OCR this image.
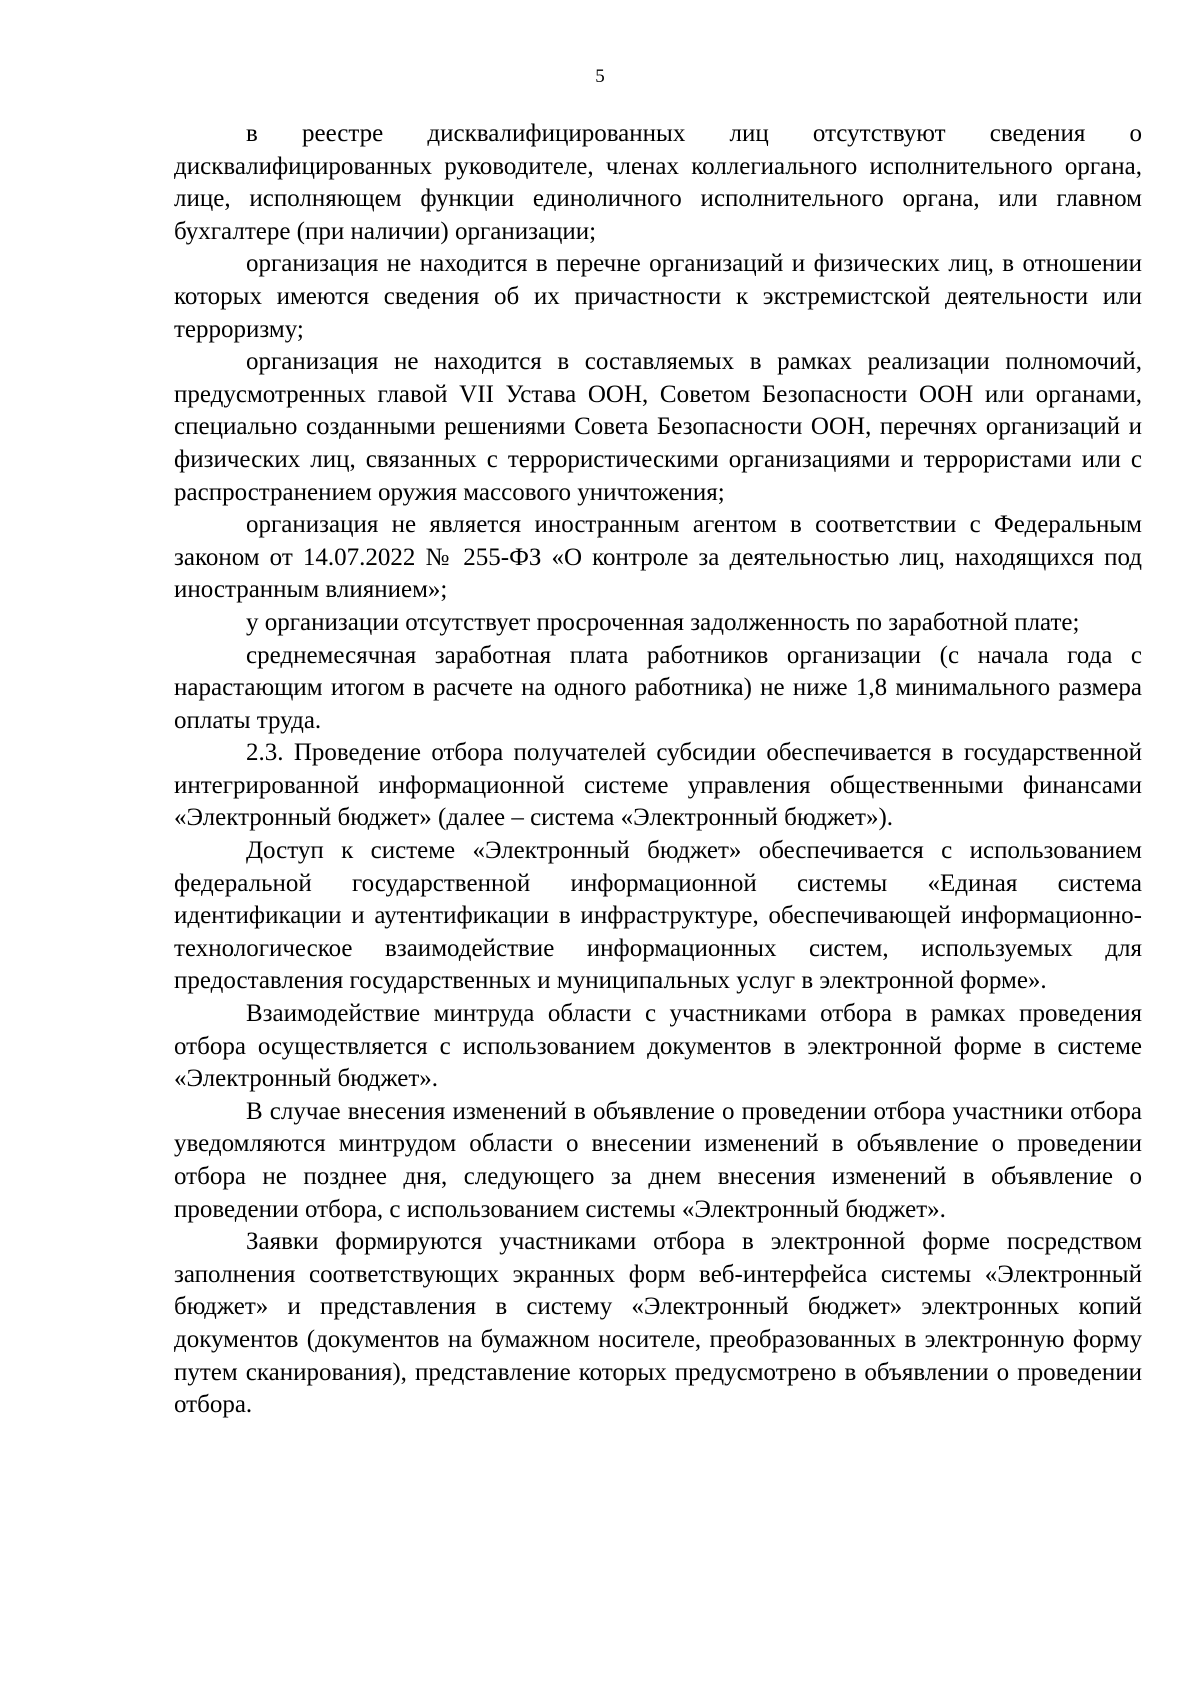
5

в реестре дисквалифицированных лиц отсутствуют сведения о дисквалифицированных руководителе, членах коллегиального исполнительного органа, лице, исполняющем функции единоличного исполнительного органа, или главном бухгалтере (при наличии) организации;

организация не находится в перечне организаций и физических лиц, в отношении которых имеются сведения об их причастности к экстремистской деятельности или терроризму;

организация не находится в составляемых в рамках реализации полномочий, предусмотренных главой VII Устава ООН, Советом Безопасности ООН или органами, специально созданными решениями Совета Безопасности ООН, перечнях организаций и физических лиц, связанных с террористическими организациями и террористами или с распространением оружия массового уничтожения;

организация не является иностранным агентом в соответствии с Федеральным законом от 14.07.2022 № 255-ФЗ «О контроле за деятельностью лиц, находящихся под иностранным влиянием»;

у организации отсутствует просроченная задолженность по заработной плате;

среднемесячная заработная плата работников организации (с начала года с нарастающим итогом в расчете на одного работника) не ниже 1,8 минимального размера оплаты труда.

2.3. Проведение отбора получателей субсидии обеспечивается в государственной интегрированной информационной системе управления общественными финансами «Электронный бюджет» (далее – система «Электронный бюджет»).

Доступ к системе «Электронный бюджет» обеспечивается с использованием федеральной государственной информационной системы «Единая система идентификации и аутентификации в инфраструктуре, обеспечивающей информационно-технологическое взаимодействие информационных систем, используемых для предоставления государственных и муниципальных услуг в электронной форме».

Взаимодействие минтруда области с участниками отбора в рамках проведения отбора осуществляется с использованием документов в электронной форме в системе «Электронный бюджет».

В случае внесения изменений в объявление о проведении отбора участники отбора уведомляются минтрудом области о внесении изменений в объявление о проведении отбора не позднее дня, следующего за днем внесения изменений в объявление о проведении отбора, с использованием системы «Электронный бюджет».

Заявки формируются участниками отбора в электронной форме посредством заполнения соответствующих экранных форм веб-интерфейса системы «Электронный бюджет» и представления в систему «Электронный бюджет» электронных копий документов (документов на бумажном носителе, преобразованных в электронную форму путем сканирования), представление которых предусмотрено в объявлении о проведении отбора.
